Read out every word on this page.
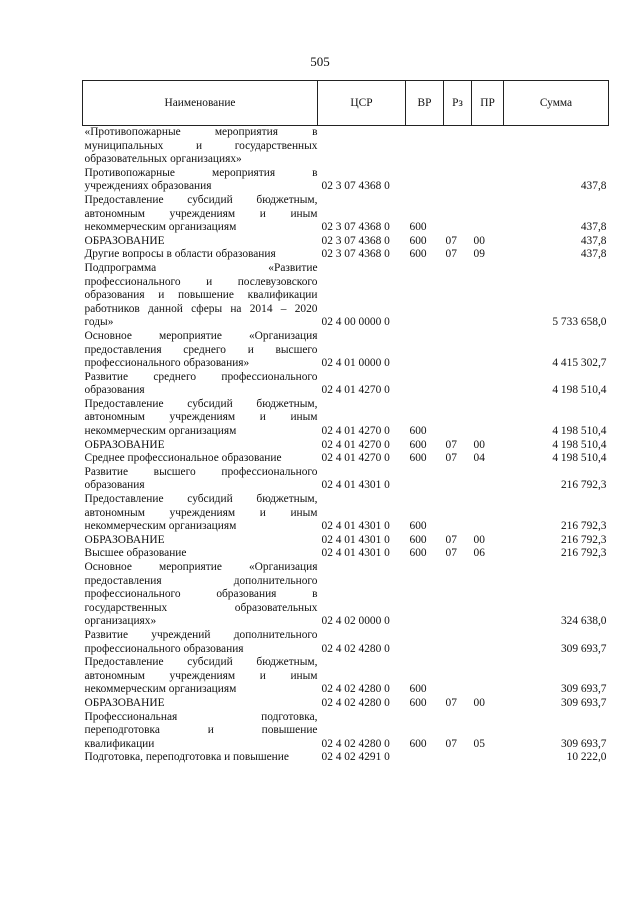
505
Наименование	ЦСР	ВР	Рз	ПР	Сумма

«Противопожарные мероприятия в
муниципальных и государственных
образовательных организациях»					

Противопожарные мероприятия в
учреждениях образования	02 3 07 4368 0				437,8

Предоставление субсидий бюджетным,
автономным учреждениям и иным
некоммерческим организациям	02 3 07 4368 0	600			437,8

ОБРАЗОВАНИЕ	02 3 07 4368 0	600	07	00	437,8

Другие вопросы в области образования	02 3 07 4368 0	600	07	09	437,8

Подпрограмма «Развитие
профессионального и послевузовского
образования и повышение квалификации
работников данной сферы на 2014 – 2020
годы»	02 4 00 0000 0				5 733 658,0

Основное мероприятие «Организация
предоставления среднего и высшего
профессионального образования»	02 4 01 0000 0				4 415 302,7

Развитие среднего профессионального
образования	02 4 01 4270 0				4 198 510,4

Предоставление субсидий бюджетным,
автономным учреждениям и иным
некоммерческим организациям	02 4 01 4270 0	600			4 198 510,4

ОБРАЗОВАНИЕ	02 4 01 4270 0	600	07	00	4 198 510,4

Среднее профессиональное образование	02 4 01 4270 0	600	07	04	4 198 510,4

Развитие высшего профессионального
образования	02 4 01 4301 0				216 792,3

Предоставление субсидий бюджетным,
автономным учреждениям и иным
некоммерческим организациям	02 4 01 4301 0	600			216 792,3

ОБРАЗОВАНИЕ	02 4 01 4301 0	600	07	00	216 792,3

Высшее образование	02 4 01 4301 0	600	07	06	216 792,3

Основное мероприятие «Организация
предоставления дополнительного
профессионального образования в
государственных образовательных
организациях»	02 4 02 0000 0				324 638,0

Развитие учреждений дополнительного
профессионального образования	02 4 02 4280 0				309 693,7

Предоставление субсидий бюджетным,
автономным учреждениям и иным
некоммерческим организациям	02 4 02 4280 0	600			309 693,7

ОБРАЗОВАНИЕ	02 4 02 4280 0	600	07	00	309 693,7

Профессиональная подготовка,
переподготовка и повышение
квалификации	02 4 02 4280 0	600	07	05	309 693,7

Подготовка, переподготовка и повышение	02 4 02 4291 0				10 222,0
